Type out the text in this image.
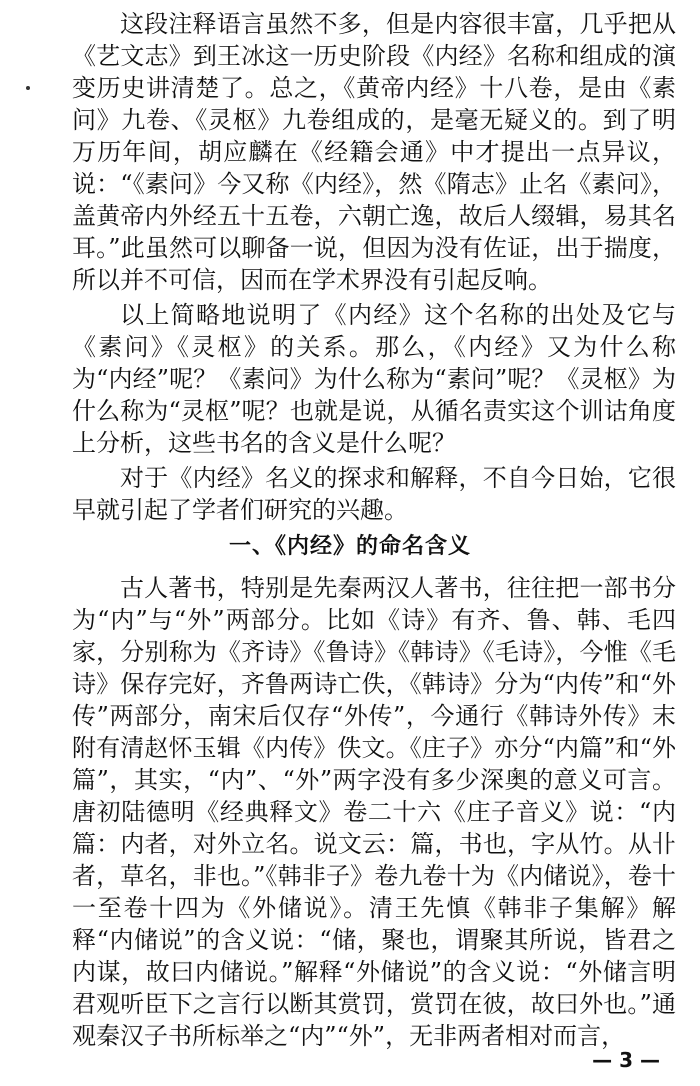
这段注释语言虽然不多，但是内容很丰富，几乎把从《艺文志》到王冰这一历史阶段《内经》名称和组成的演变历史讲清楚了。总之，《黄帝内经》十八卷，是由《素问》九卷、《灵枢》九卷组成的，是毫无疑义的。到了明万历年间，胡应麟在《经籍会通》中才提出一点异议，说：“《素问》今又称《内经》，然《隋志》止名《素问》，盖黄帝内外经五十五卷，六朝亡逸，故后人缀辑，易其名耳。”此虽然可以聊备一说，但因为没有佐证，出于揣度，所以并不可信，因而在学术界没有引起反响。

以上简略地说明了《内经》这个名称的出处及它与《素问》《灵枢》的关系。那么，《内经》又为什么称为“内经”呢？《素问》为什么称为“素问”呢？《灵枢》为什么称为“灵枢”呢？也就是说，从循名责实这个训诂角度上分析，这些书名的含义是什么呢？

对于《内经》名义的探求和解释，不自今日始，它很早就引起了学者们研究的兴趣。

一、《内经》的命名含义

古人著书，特别是先秦两汉人著书，往往把一部书分为“内”与“外”两部分。比如《诗》有齐、鲁、韩、毛四家，分别称为《齐诗》《鲁诗》《韩诗》《毛诗》，今惟《毛诗》保存完好，齐鲁两诗亡佚，《韩诗》分为“内传”和“外传”两部分，南宋后仅存“外传”，今通行《韩诗外传》末附有清赵怀玉辑《内传》佚文。《庄子》亦分“内篇”和“外篇”，其实，“内”、“外”两字没有多少深奥的意义可言。唐初陆德明《经典释文》卷二十六《庄子音义》说：“内篇：内者，对外立名。说文云：篇，书也，字从竹。从卝者，草名，非也。”《韩非子》卷九卷十为《内储说》，卷十一至卷十四为《外储说》。清王先慎《韩非子集解》解释“内储说”的含义说：“储，聚也，谓聚其所说，皆君之内谋，故曰内储说。”解释“外储说”的含义说：“外储言明君观听臣下之言行以断其赏罚，赏罚在彼，故曰外也。”通观秦汉子书所标举之“内”“外”，无非两者相对而言，

— 3 —
